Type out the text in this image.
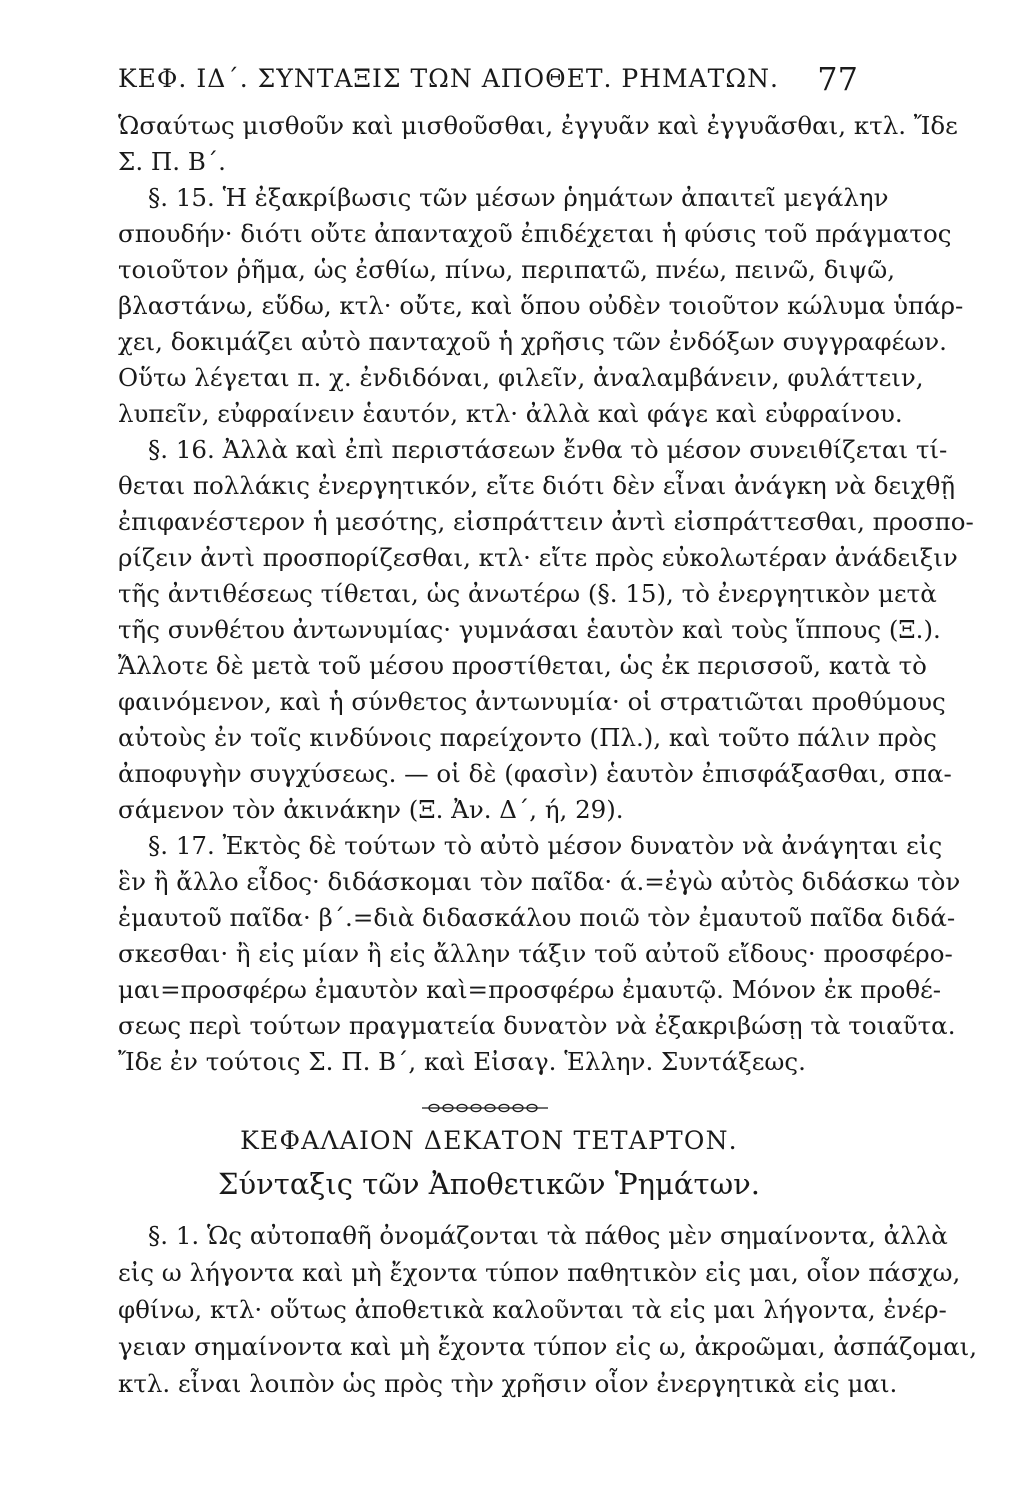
ΚΕΦ. ΙΔ΄. ΣΥΝΤΑΞΙΣ ΤΩΝ ΑΠΟΘΕΤ. ΡΗΜΑΤΩΝ. 77
Ὡσαύτως μισθοῦν καὶ μισθοῦσθαι, ἐγγυᾶν καὶ ἐγγυᾶσθαι, κτλ. Ἴδε
Σ. Π. Β΄.
§. 15. Ἡ ἐξακρίβωσις τῶν μέσων ῥημάτων ἀπαιτεῖ μεγάλην
σπουδήν· διότι οὔτε ἀπανταχοῦ ἐπιδέχεται ἡ φύσις τοῦ πράγματος
τοιοῦτον ῥῆμα, ὡς ἐσθίω, πίνω, περιπατῶ, πνέω, πεινῶ, διψῶ,
βλαστάνω, εὕδω, κτλ· οὔτε, καὶ ὅπου οὐδὲν τοιοῦτον κώλυμα ὑπάρ-
χει, δοκιμάζει αὐτὸ πανταχοῦ ἡ χρῆσις τῶν ἐνδόξων συγγραφέων.
Οὕτω λέγεται π. χ. ἐνδιδόναι, φιλεῖν, ἀναλαμβάνειν, φυλάττειν,
λυπεῖν, εὐφραίνειν ἑαυτόν, κτλ· ἀλλὰ καὶ φάγε καὶ εὐφραίνου.
§. 16. Ἀλλὰ καὶ ἐπὶ περιστάσεων ἔνθα τὸ μέσον συνειθίζεται τί-
θεται πολλάκις ἐνεργητικόν, εἴτε διότι δὲν εἶναι ἀνάγκη νὰ δειχθῇ
ἐπιφανέστερον ἡ μεσότης, εἰσπράττειν ἀντὶ εἰσπράττεσθαι, προσπο-
ρίζειν ἀντὶ προσπορίζεσθαι, κτλ· εἴτε πρὸς εὐκολωτέραν ἀνάδειξιν
τῆς ἀντιθέσεως τίθεται, ὡς ἀνωτέρω (§. 15), τὸ ἐνεργητικὸν μετὰ
τῆς συνθέτου ἀντωνυμίας· γυμνάσαι ἑαυτὸν καὶ τοὺς ἵππους (Ξ.).
Ἄλλοτε δὲ μετὰ τοῦ μέσου προστίθεται, ὡς ἐκ περισσοῦ, κατὰ τὸ
φαινόμενον, καὶ ἡ σύνθετος ἀντωνυμία· οἱ στρατιῶται προθύμους
αὐτοὺς ἐν τοῖς κινδύνοις παρείχοντο (Πλ.), καὶ τοῦτο πάλιν πρὸς
ἀποφυγὴν συγχύσεως. — οἱ δὲ (φασὶν) ἑαυτὸν ἐπισφάξασθαι, σπα-
σάμενον τὸν ἀκινάκην (Ξ. Ἀν. Δ΄, ή, 29).
§. 17. Ἐκτὸς δὲ τούτων τὸ αὐτὸ μέσον δυνατὸν νὰ ἀνάγηται εἰς
ἓν ἢ ἄλλο εἶδος· διδάσκομαι τὸν παῖδα· ά.=ἐγὼ αὐτὸς διδάσκω τὸν
ἐμαυτοῦ παῖδα· β΄.=διὰ διδασκάλου ποιῶ τὸν ἐμαυτοῦ παῖδα διδά-
σκεσθαι· ἢ εἰς μίαν ἢ εἰς ἄλλην τάξιν τοῦ αὐτοῦ εἴδους· προσφέρο-
μαι=προσφέρω ἐμαυτὸν καὶ=προσφέρω ἐμαυτῷ. Μόνον ἐκ προθέ-
σεως περὶ τούτων πραγματεία δυνατὸν νὰ ἐξακριβώσῃ τὰ τοιαῦτα.
Ἴδε ἐν τούτοις Σ. Π. Β΄, καὶ Εἰσαγ. Ἑλλην. Συντάξεως.
ΚΕΦΑΛΑΙΟΝ ΔΕΚΑΤΟΝ ΤΕΤΑΡΤΟΝ.
Σύνταξις τῶν Ἀποθετικῶν Ῥημάτων.
§. 1. Ὡς αὐτοπαθῆ ὀνομάζονται τὰ πάθος μὲν σημαίνοντα, ἀλλὰ
εἰς ω λήγοντα καὶ μὴ ἔχοντα τύπον παθητικὸν εἰς μαι, οἷον πάσχω,
φθίνω, κτλ· οὕτως ἀποθετικὰ καλοῦνται τὰ εἰς μαι λήγοντα, ἐνέρ-
γειαν σημαίνοντα καὶ μὴ ἔχοντα τύπον εἰς ω, ἀκροῶμαι, ἀσπάζομαι,
κτλ. εἶναι λοιπὸν ὡς πρὸς τὴν χρῆσιν οἷον ἐνεργητικὰ εἰς μαι.
